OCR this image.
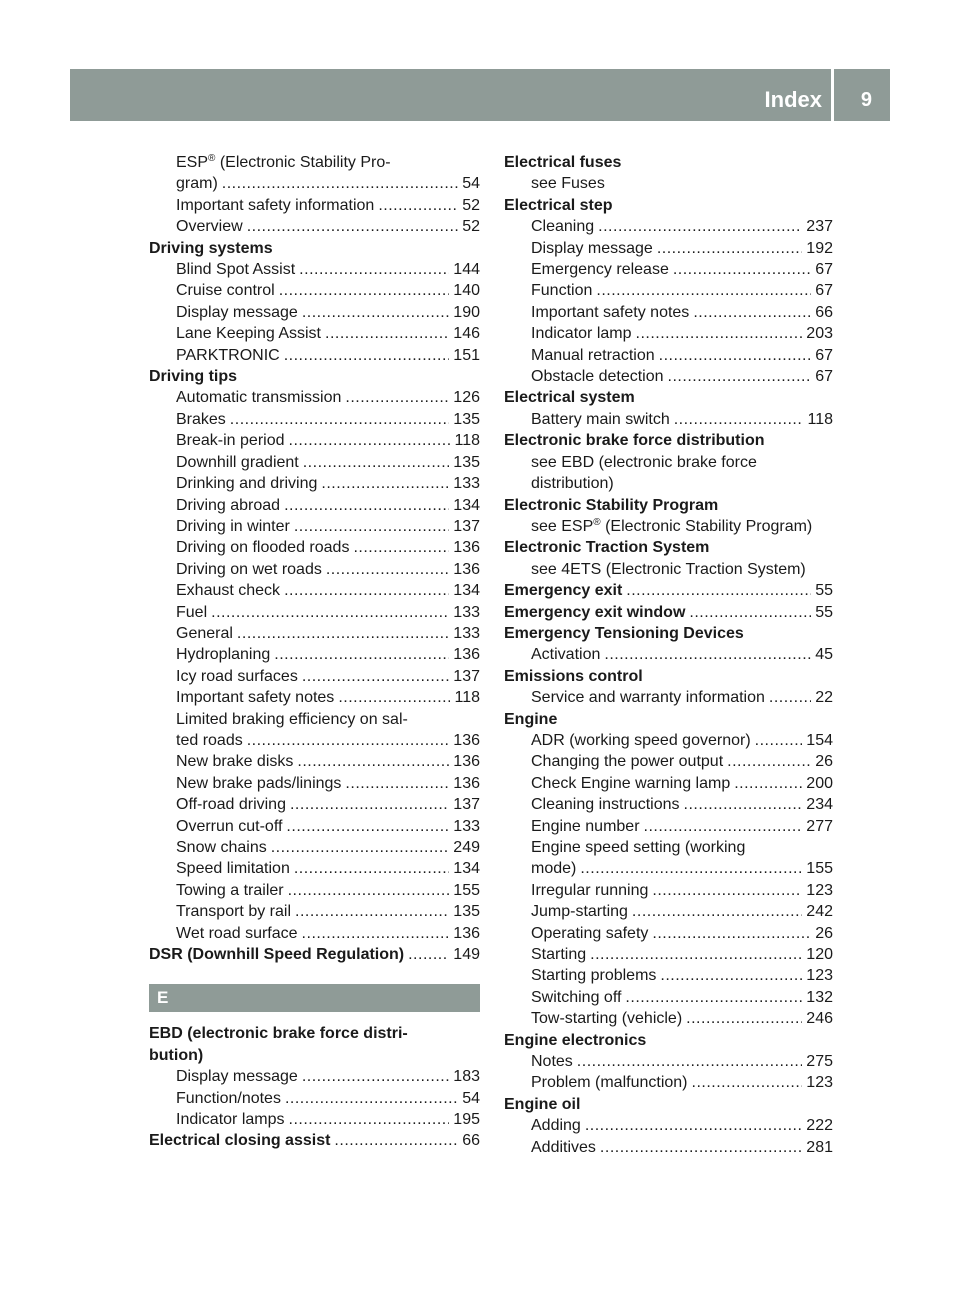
Index 9
ESP® (Electronic Stability Pro-
gram) .....	54
Important safety information .....	52
Overview .....	52
Driving systems
Blind Spot Assist .....	144
Cruise control .....	140
Display message .....	190
Lane Keeping Assist .....	146
PARKTRONIC .....	151
Driving tips
Automatic transmission .....	126
Brakes .....	135
Break-in period .....	118
Downhill gradient .....	135
Drinking and driving .....	133
Driving abroad .....	134
Driving in winter .....	137
Driving on flooded roads .....	136
Driving on wet roads .....	136
Exhaust check .....	134
Fuel .....	133
General .....	133
Hydroplaning .....	136
Icy road surfaces .....	137
Important safety notes .....	118
Limited braking efficiency on sal-
ted roads .....	136
New brake disks .....	136
New brake pads/linings .....	136
Off-road driving .....	137
Overrun cut-off .....	133
Snow chains .....	249
Speed limitation .....	134
Towing a trailer .....	155
Transport by rail .....	135
Wet road surface .....	136
DSR (Downhill Speed Regulation) .....	149
E
EBD (electronic brake force distri-
bution)
Display message .....	183
Function/notes .....	54
Indicator lamps .....	195
Electrical closing assist .....	66
Electrical fuses
see Fuses
Electrical step
Cleaning .....	237
Display message .....	192
Emergency release .....	67
Function .....	67
Important safety notes .....	66
Indicator lamp .....	203
Manual retraction .....	67
Obstacle detection .....	67
Electrical system
Battery main switch .....	118
Electronic brake force distribution
see EBD (electronic brake force
distribution)
Electronic Stability Program
see ESP® (Electronic Stability Program)
Electronic Traction System
see 4ETS (Electronic Traction System)
Emergency exit .....	55
Emergency exit window .....	55
Emergency Tensioning Devices
Activation .....	45
Emissions control
Service and warranty information .....	22
Engine
ADR (working speed governor) .....	154
Changing the power output .....	26
Check Engine warning lamp .....	200
Cleaning instructions .....	234
Engine number .....	277
Engine speed setting (working
mode) .....	155
Irregular running .....	123
Jump-starting .....	242
Operating safety .....	26
Starting .....	120
Starting problems .....	123
Switching off .....	132
Tow-starting (vehicle) .....	246
Engine electronics
Notes .....	275
Problem (malfunction) .....	123
Engine oil
Adding .....	222
Additives .....	281
